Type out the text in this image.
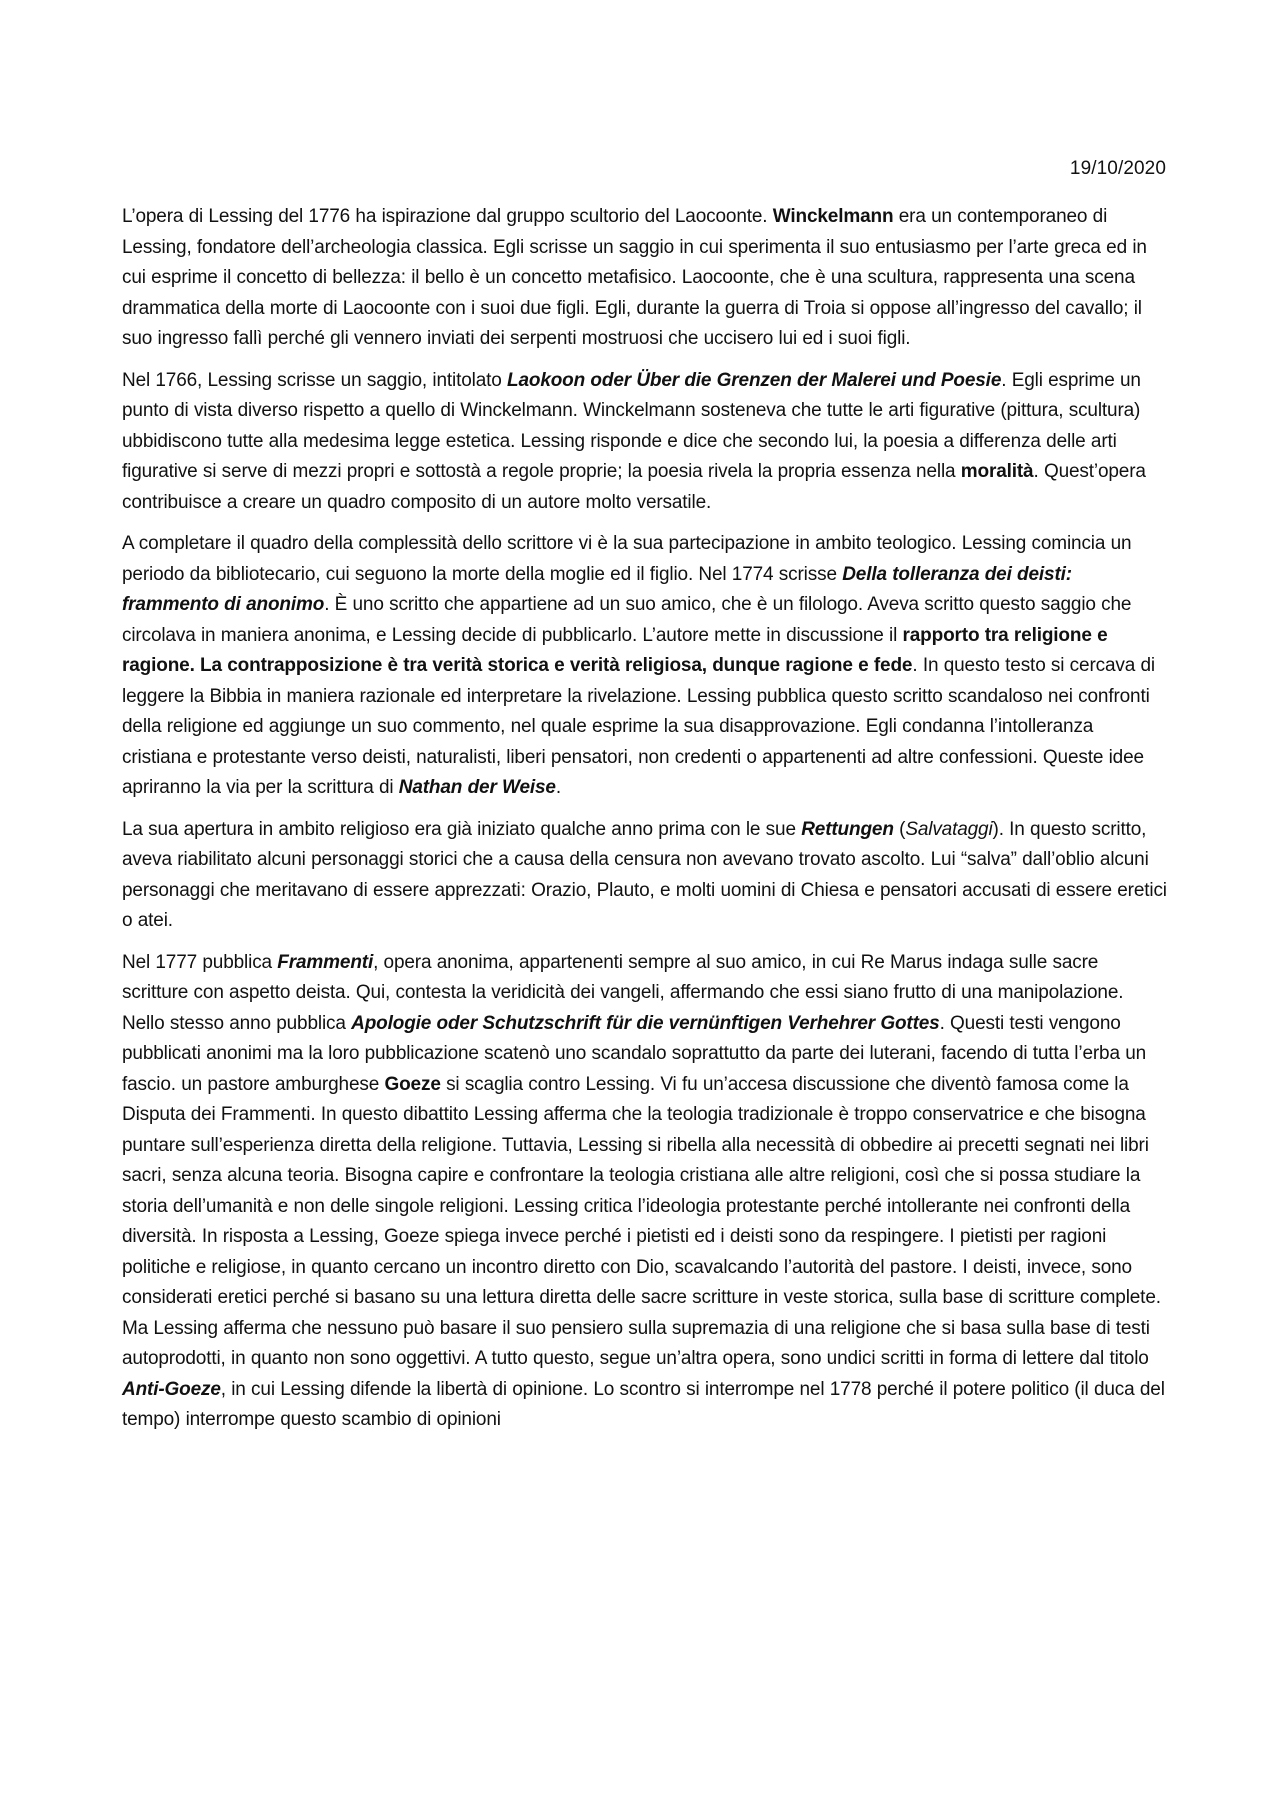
19/10/2020

L’opera di Lessing del 1776 ha ispirazione dal gruppo scultorio del Laocoonte. Winckelmann era un contemporaneo di Lessing, fondatore dell’archeologia classica. Egli scrisse un saggio in cui sperimenta il suo entusiasmo per l’arte greca ed in cui esprime il concetto di bellezza: il bello è un concetto metafisico. Laocoonte, che è una scultura, rappresenta una scena drammatica della morte di Laocoonte con i suoi due figli. Egli, durante la guerra di Troia si oppose all’ingresso del cavallo; il suo ingresso fallì perché gli vennero inviati dei serpenti mostruosi che uccisero lui ed i suoi figli.

Nel 1766, Lessing scrisse un saggio, intitolato Laokoon oder Über die Grenzen der Malerei und Poesie. Egli esprime un punto di vista diverso rispetto a quello di Winckelmann. Winckelmann sosteneva che tutte le arti figurative (pittura, scultura) ubbidiscono tutte alla medesima legge estetica. Lessing risponde e dice che secondo lui, la poesia a differenza delle arti figurative si serve di mezzi propri e sottostà a regole proprie; la poesia rivela la propria essenza nella moralità. Quest’opera contribuisce a creare un quadro composito di un autore molto versatile.

A completare il quadro della complessità dello scrittore vi è la sua partecipazione in ambito teologico. Lessing comincia un periodo da bibliotecario, cui seguono la morte della moglie ed il figlio. Nel 1774 scrisse Della tolleranza dei deisti: frammento di anonimo. È uno scritto che appartiene ad un suo amico, che è un filologo. Aveva scritto questo saggio che circolava in maniera anonima, e Lessing decide di pubblicarlo. L’autore mette in discussione il rapporto tra religione e ragione. La contrapposizione è tra verità storica e verità religiosa, dunque ragione e fede. In questo testo si cercava di leggere la Bibbia in maniera razionale ed interpretare la rivelazione. Lessing pubblica questo scritto scandaloso nei confronti della religione ed aggiunge un suo commento, nel quale esprime la sua disapprovazione. Egli condanna l’intolleranza cristiana e protestante verso deisti, naturalisti, liberi pensatori, non credenti o appartenenti ad altre confessioni. Queste idee apriranno la via per la scrittura di Nathan der Weise.

La sua apertura in ambito religioso era già iniziato qualche anno prima con le sue Rettungen (Salvataggi). In questo scritto, aveva riabilitato alcuni personaggi storici che a causa della censura non avevano trovato ascolto. Lui “salva” dall’oblio alcuni personaggi che meritavano di essere apprezzati: Orazio, Plauto, e molti uomini di Chiesa e pensatori accusati di essere eretici o atei.

Nel 1777 pubblica Frammenti, opera anonima, appartenenti sempre al suo amico, in cui Re Marus indaga sulle sacre scritture con aspetto deista. Qui, contesta la veridicità dei vangeli, affermando che essi siano frutto di una manipolazione. Nello stesso anno pubblica Apologie oder Schutzschrift für die vernünftigen Verhehrer Gottes. Questi testi vengono pubblicati anonimi ma la loro pubblicazione scatenò uno scandalo soprattutto da parte dei luterani, facendo di tutta l’erba un fascio. un pastore amburghese Goeze si scaglia contro Lessing. Vi fu un’accesa discussione che diventò famosa come la Disputa dei Frammenti. In questo dibattito Lessing afferma che la teologia tradizionale è troppo conservatrice e che bisogna puntare sull’esperienza diretta della religione. Tuttavia, Lessing si ribella alla necessità di obbedire ai precetti segnati nei libri sacri, senza alcuna teoria. Bisogna capire e confrontare la teologia cristiana alle altre religioni, così che si possa studiare la storia dell’umanità e non delle singole religioni. Lessing critica l’ideologia protestante perché intollerante nei confronti della diversità. In risposta a Lessing, Goeze spiega invece perché i pietisti ed i deisti sono da respingere. I pietisti per ragioni politiche e religiose, in quanto cercano un incontro diretto con Dio, scavalcando l’autorità del pastore. I deisti, invece, sono considerati eretici perché si basano su una lettura diretta delle sacre scritture in veste storica, sulla base di scritture complete. Ma Lessing afferma che nessuno può basare il suo pensiero sulla supremazia di una religione che si basa sulla base di testi autoprodotti, in quanto non sono oggettivi. A tutto questo, segue un’altra opera, sono undici scritti in forma di lettere dal titolo Anti-Goeze, in cui Lessing difende la libertà di opinione. Lo scontro si interrompe nel 1778 perché il potere politico (il duca del tempo) interrompe questo scambio di opinioni
